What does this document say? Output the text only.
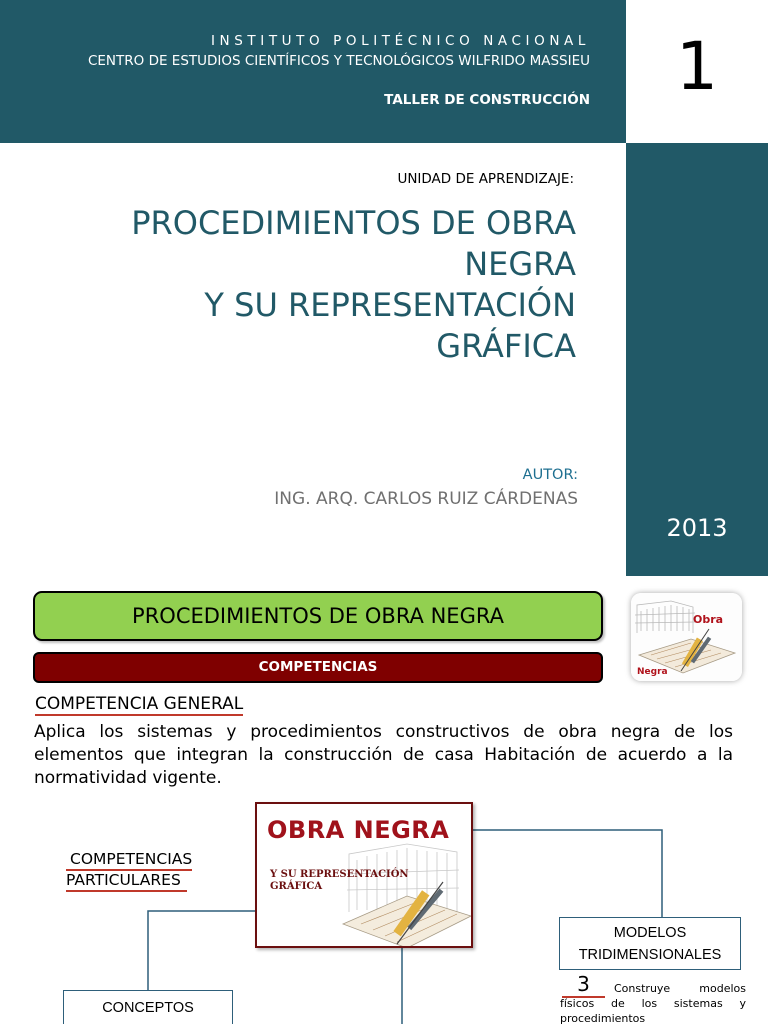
INSTITUTO POLITÉCNICO NACIONAL
CENTRO DE ESTUDIOS CIENTÍFICOS Y TECNOLÓGICOS WILFRIDO MASSIEU
TALLER DE CONSTRUCCIÓN	1
2013
UNIDAD DE APRENDIZAJE:
PROCEDIMIENTOS DE OBRA NEGRA
Y SU REPRESENTACIÓN GRÁFICA
AUTOR:
ING. ARQ. CARLOS RUIZ CÁRDENAS
PROCEDIMIENTOS DE OBRA NEGRA
COMPETENCIAS
Obra
Negra
COMPETENCIA GENERAL
Aplica los sistemas y procedimientos constructivos de obra negra de los elementos que integran la construcción de casa Habitación de acuerdo a la normatividad vigente.
OBRA NEGRA
Y SU REPRESENTACIÓN
GRÁFICA
COMPETENCIAS
PARTICULARES
MODELOS
TRIDIMENSIONALES
CONCEPTOS
Construye modelos físicos de los sistemas y procedimientos
3
